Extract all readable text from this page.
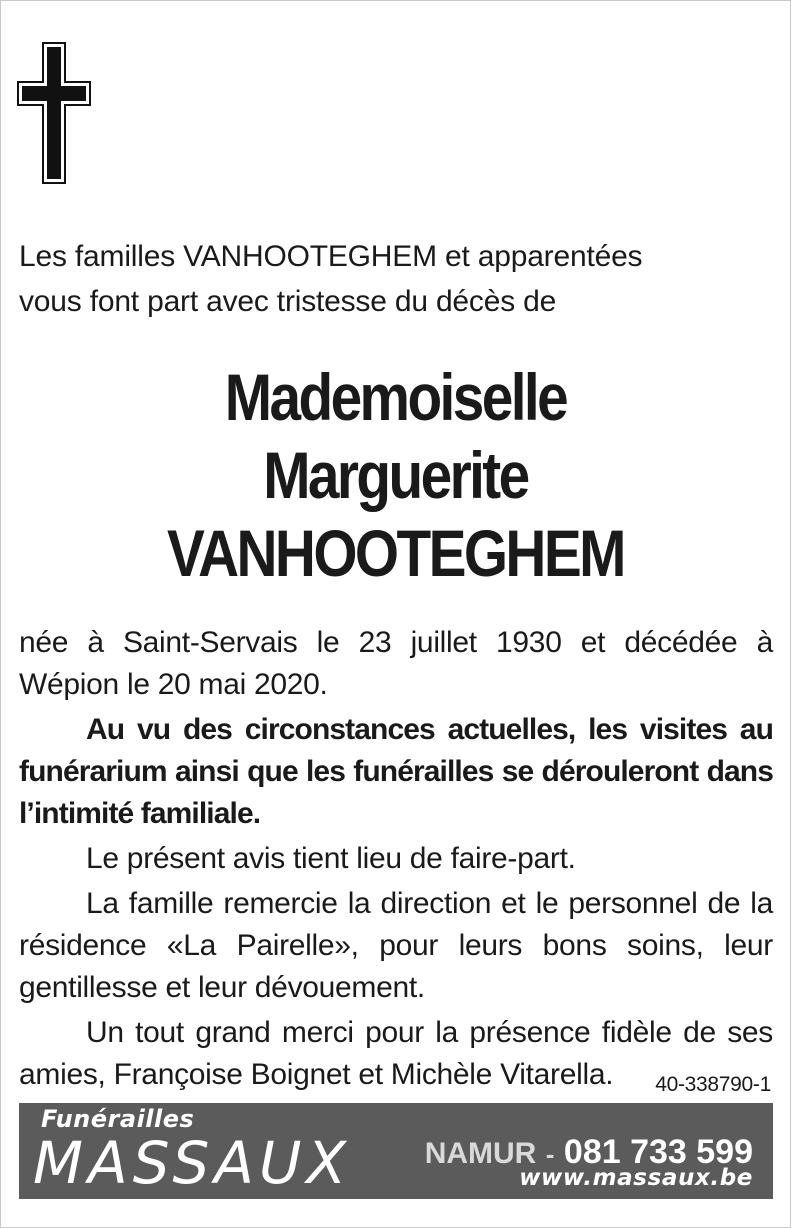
Les familles VANHOOTEGHEM et apparentées
vous font part avec tristesse du décès de
Mademoiselle
Marguerite
VANHOOTEGHEM

née à Saint-Servais le 23 juillet 1930 et décédée à Wépion le 20 mai 2020.

Au vu des circonstances actuelles, les visites au funérarium ainsi que les funérailles se dérouleront dans l’intimité familiale.

Le présent avis tient lieu de faire-part.

La famille remercie la direction et le personnel de la résidence «La Pairelle», pour leurs bons soins, leur gentillesse et leur dévouement.

Un tout grand merci pour la présence fidèle de ses amies, Françoise Boignet et Michèle Vitarella.	40-338790-1
Funérailles
MASSAUX NAMUR - 081 733 599
www.massaux.be
